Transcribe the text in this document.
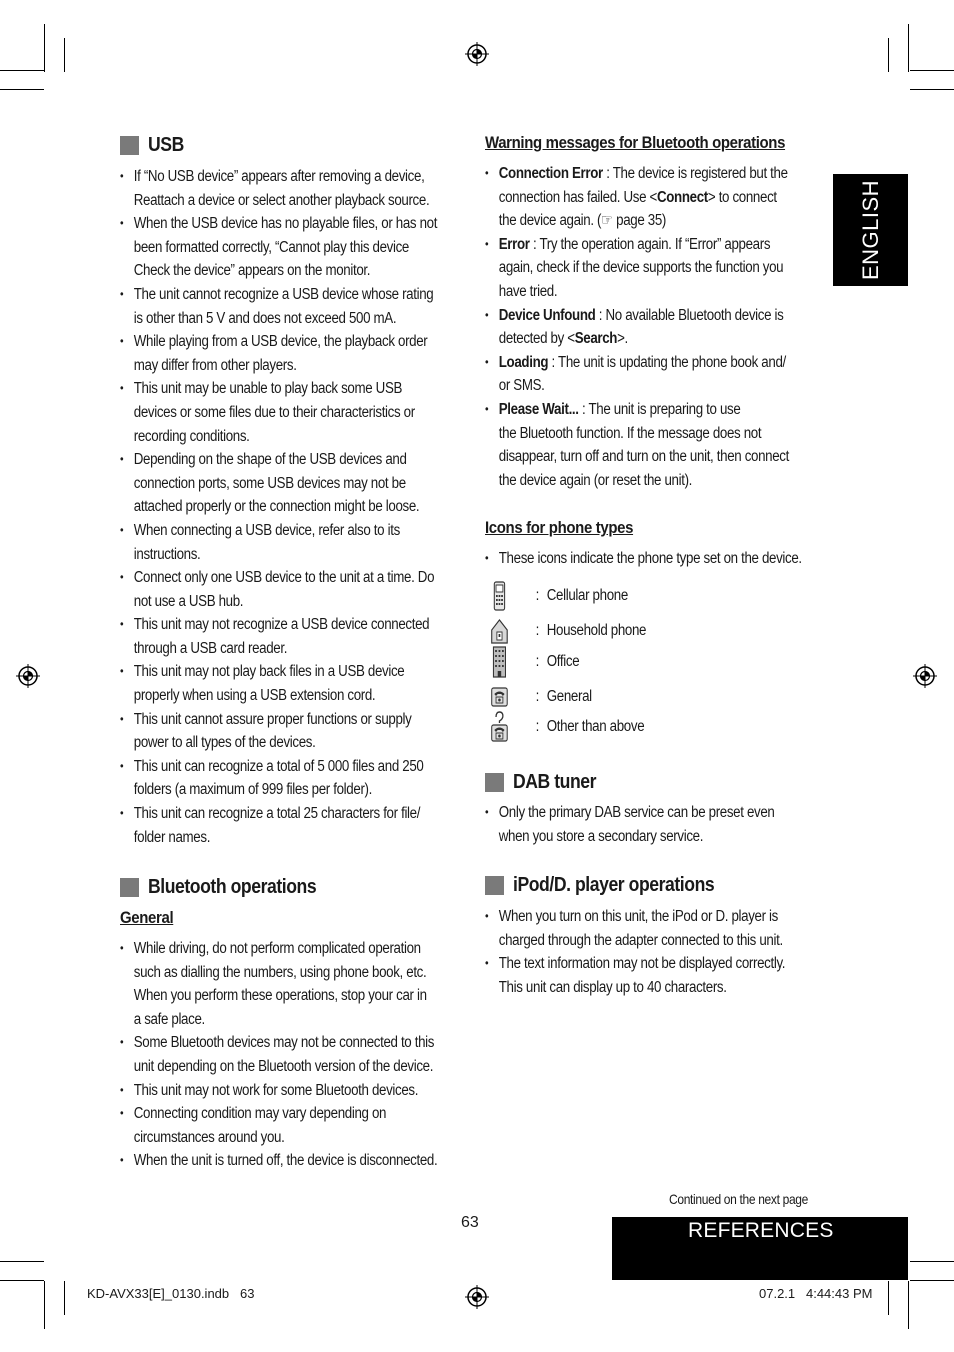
ENGLISH
USB
• If “No USB device” appears after removing a device,
Reattach a device or select another playback source.
• When the USB device has no playable files, or has not
been formatted correctly, “Cannot play this device
Check the device” appears on the monitor.
• The unit cannot recognize a USB device whose rating
is other than 5 V and does not exceed 500 mA.
• While playing from a USB device, the playback order
may differ from other players.
• This unit may be unable to play back some USB
devices or some files due to their characteristics or
recording conditions.
• Depending on the shape of the USB devices and
connection ports, some USB devices may not be
attached properly or the connection might be loose.
• When connecting a USB device, refer also to its
instructions.
• Connect only one USB device to the unit at a time. Do
not use a USB hub.
• This unit may not recognize a USB device connected
through a USB card reader.
• This unit may not play back files in a USB device
properly when using a USB extension cord.
• This unit cannot assure proper functions or supply
power to all types of the devices.
• This unit can recognize a total of 5 000 files and 250
folders (a maximum of 999 files per folder).
• This unit can recognize a total 25 characters for file/
folder names.
Bluetooth operations
General
• While driving, do not perform complicated operation
such as dialling the numbers, using phone book, etc.
When you perform these operations, stop your car in
a safe place.
• Some Bluetooth devices may not be connected to this
unit depending on the Bluetooth version of the device.
• This unit may not work for some Bluetooth devices.
• Connecting condition may vary depending on
circumstances around you.
• When the unit is turned off, the device is disconnected.
Warning messages for Bluetooth operations
• Connection Error : The device is registered but the
connection has failed. Use <Connect> to connect
the device again. (☞ page 35)
• Error : Try the operation again. If “Error” appears
again, check if the device supports the function you
have tried.
• Device Unfound : No available Bluetooth device is
detected by <Search>.
• Loading : The unit is updating the phone book and/
or SMS.
• Please Wait... : The unit is preparing to use
the Bluetooth function. If the message does not
disappear, turn off and turn on the unit, then connect
the device again (or reset the unit).
Icons for phone types
• These icons indicate the phone type set on the device.
: Cellular phone
: Household phone
: Office
: General
: Other than above
DAB tuner
• Only the primary DAB service can be preset even
when you store a secondary service.
iPod/D. player operations
• When you turn on this unit, the iPod or D. player is
charged through the adapter connected to this unit.
• The text information may not be displayed correctly.
This unit can display up to 40 characters.
Continued on the next page
63	REFERENCES
KD-AVX33[E]_0130.indb   63	07.2.1   4:44:43 PM
